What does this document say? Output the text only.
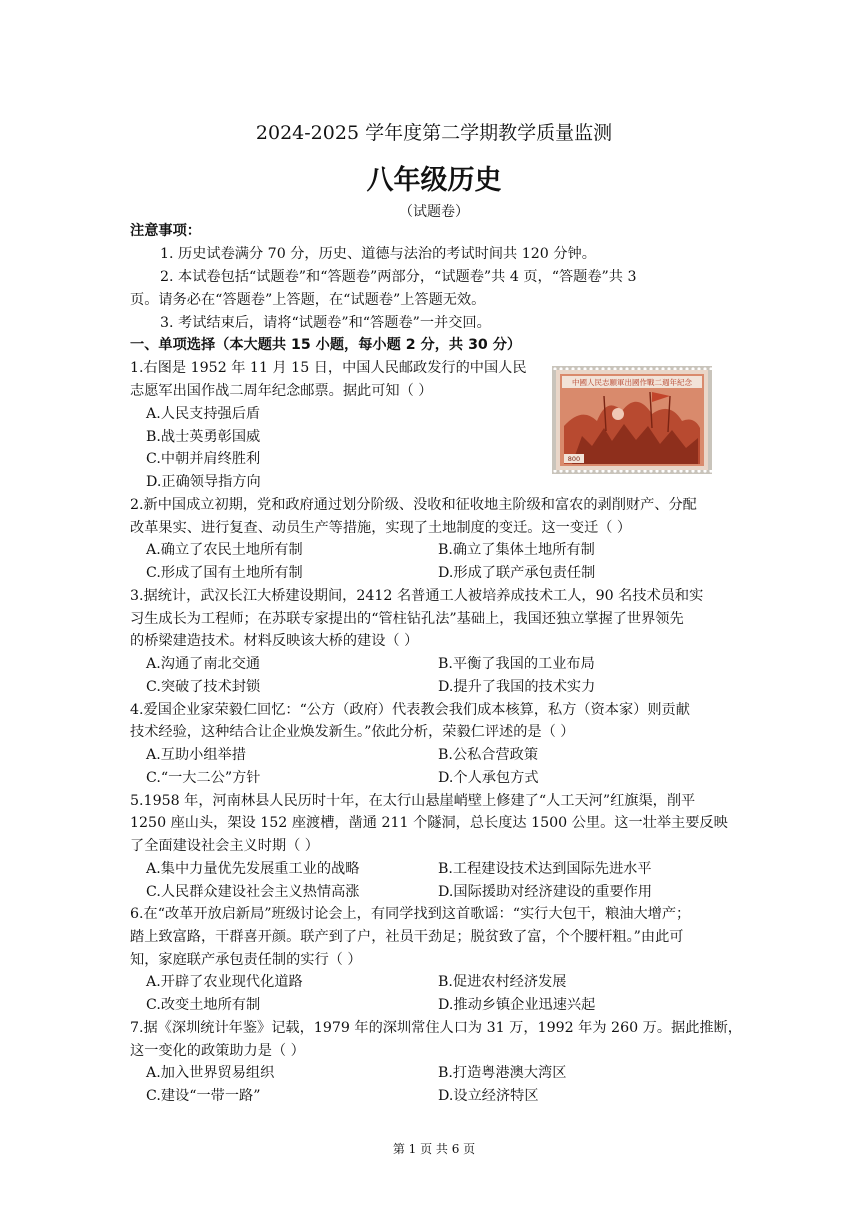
2024-2025 学年度第二学期教学质量监测
八年级历史
（试题卷）
注意事项：
1. 历史试卷满分 70 分，历史、道德与法治的考试时间共 120 分钟。
2. 本试卷包括“试题卷”和“答题卷”两部分，“试题卷”共 4 页，“答题卷”共 3
页。请务必在“答题卷”上答题，在“试题卷”上答题无效。
3. 考试结束后，请将“试题卷”和“答题卷”一并交回。
一、单项选择（本大题共 15 小题，每小题 2 分，共 30 分）
1.右图是 1952 年 11 月 15 日，中国人民邮政发行的中国人民
志愿军出国作战二周年纪念邮票。据此可知（ ）
A.人民支持强后盾
B.战士英勇彰国威
C.中朝并肩终胜利
D.正确领导指方向
中國人民志願軍出國作戰二週年紀念
800
2.新中国成立初期，党和政府通过划分阶级、没收和征收地主阶级和富农的剥削财产、分配
改革果实、进行复查、动员生产等措施，实现了土地制度的变迁。这一变迁（ ）
A.确立了农民土地所有制	B.确立了集体土地所有制
C.形成了国有土地所有制	D.形成了联产承包责任制
3.据统计，武汉长江大桥建设期间，2412 名普通工人被培养成技术工人，90 名技术员和实
习生成长为工程师；在苏联专家提出的“管柱钻孔法”基础上，我国还独立掌握了世界领先
的桥梁建造技术。材料反映该大桥的建设（ ）
A.沟通了南北交通	B.平衡了我国的工业布局
C.突破了技术封锁	D.提升了我国的技术实力
4.爱国企业家荣毅仁回忆：“公方（政府）代表教会我们成本核算，私方（资本家）则贡献
技术经验，这种结合让企业焕发新生。”依此分析，荣毅仁评述的是（ ）
A.互助小组举措	B.公私合营政策
C.“一大二公”方针	D.个人承包方式
5.1958 年，河南林县人民历时十年，在太行山悬崖峭壁上修建了“人工天河”红旗渠，削平
1250 座山头，架设 152 座渡槽，凿通 211 个隧洞，总长度达 1500 公里。这一壮举主要反映
了全面建设社会主义时期（ ）
A.集中力量优先发展重工业的战略	B.工程建设技术达到国际先进水平
C.人民群众建设社会主义热情高涨	D.国际援助对经济建设的重要作用
6.在“改革开放启新局”班级讨论会上，有同学找到这首歌谣：“实行大包干，粮油大增产；
踏上致富路，干群喜开颜。联产到了户，社员干劲足；脱贫致了富，个个腰杆粗。”由此可
知，家庭联产承包责任制的实行（ ）
A.开辟了农业现代化道路	B.促进农村经济发展
C.改变土地所有制	D.推动乡镇企业迅速兴起
7.据《深圳统计年鉴》记载，1979 年的深圳常住人口为 31 万，1992 年为 260 万。据此推断，
这一变化的政策助力是（ ）
A.加入世界贸易组织	B.打造粤港澳大湾区
C.建设“一带一路”	D.设立经济特区
第 1 页 共 6 页
